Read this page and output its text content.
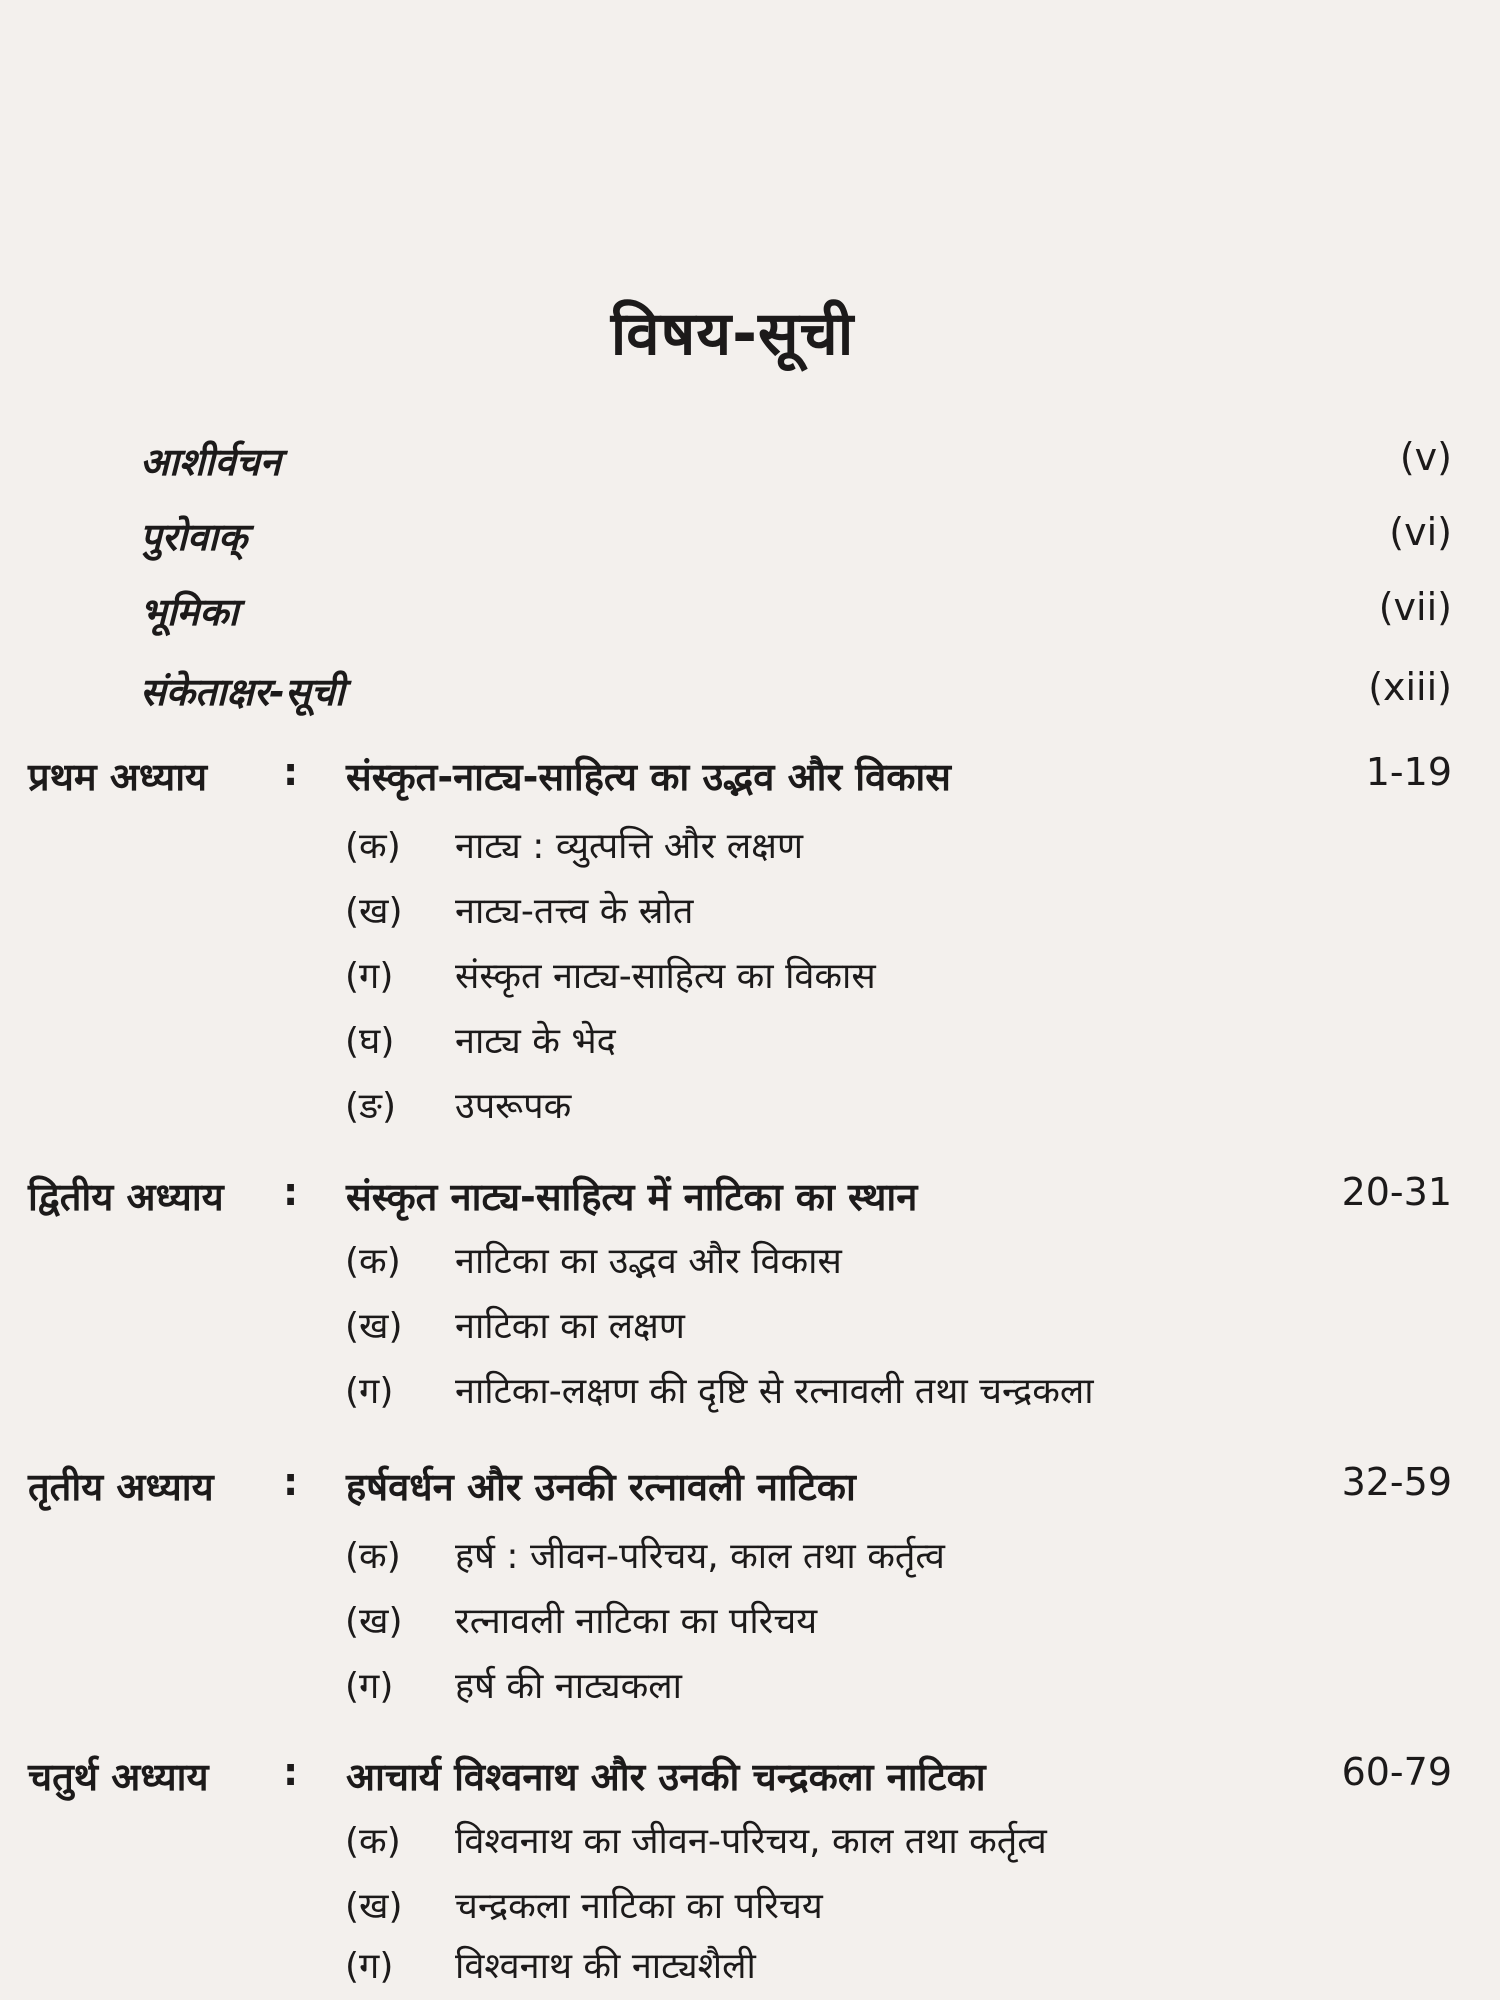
विषय-सूची
आशीर्वचन	(v)
पुरोवाक्	(vi)
भूमिका	(vii)
संकेताक्षर-सूची	(xiii)
प्रथम अध्याय : संस्कृत-नाट्य-साहित्य का उद्भव और विकास	1-19
(क) नाट्य : व्युत्पत्ति और लक्षण
(ख) नाट्य-तत्त्व के स्रोत
(ग) संस्कृत नाट्य-साहित्य का विकास
(घ) नाट्य के भेद
(ङ) उपरूपक
द्वितीय अध्याय : संस्कृत नाट्य-साहित्य में नाटिका का स्थान	20-31
(क) नाटिका का उद्भव और विकास
(ख) नाटिका का लक्षण
(ग) नाटिका-लक्षण की दृष्टि से रत्नावली तथा चन्द्रकला
तृतीय अध्याय : हर्षवर्धन और उनकी रत्नावली नाटिका	32-59
(क) हर्ष : जीवन-परिचय, काल तथा कर्तृत्व
(ख) रत्नावली नाटिका का परिचय
(ग) हर्ष की नाट्यकला
चतुर्थ अध्याय : आचार्य विश्वनाथ और उनकी चन्द्रकला नाटिका	60-79
(क) विश्वनाथ का जीवन-परिचय, काल तथा कर्तृत्व
(ख) चन्द्रकला नाटिका का परिचय
(ग) विश्वनाथ की नाट्यशैली
